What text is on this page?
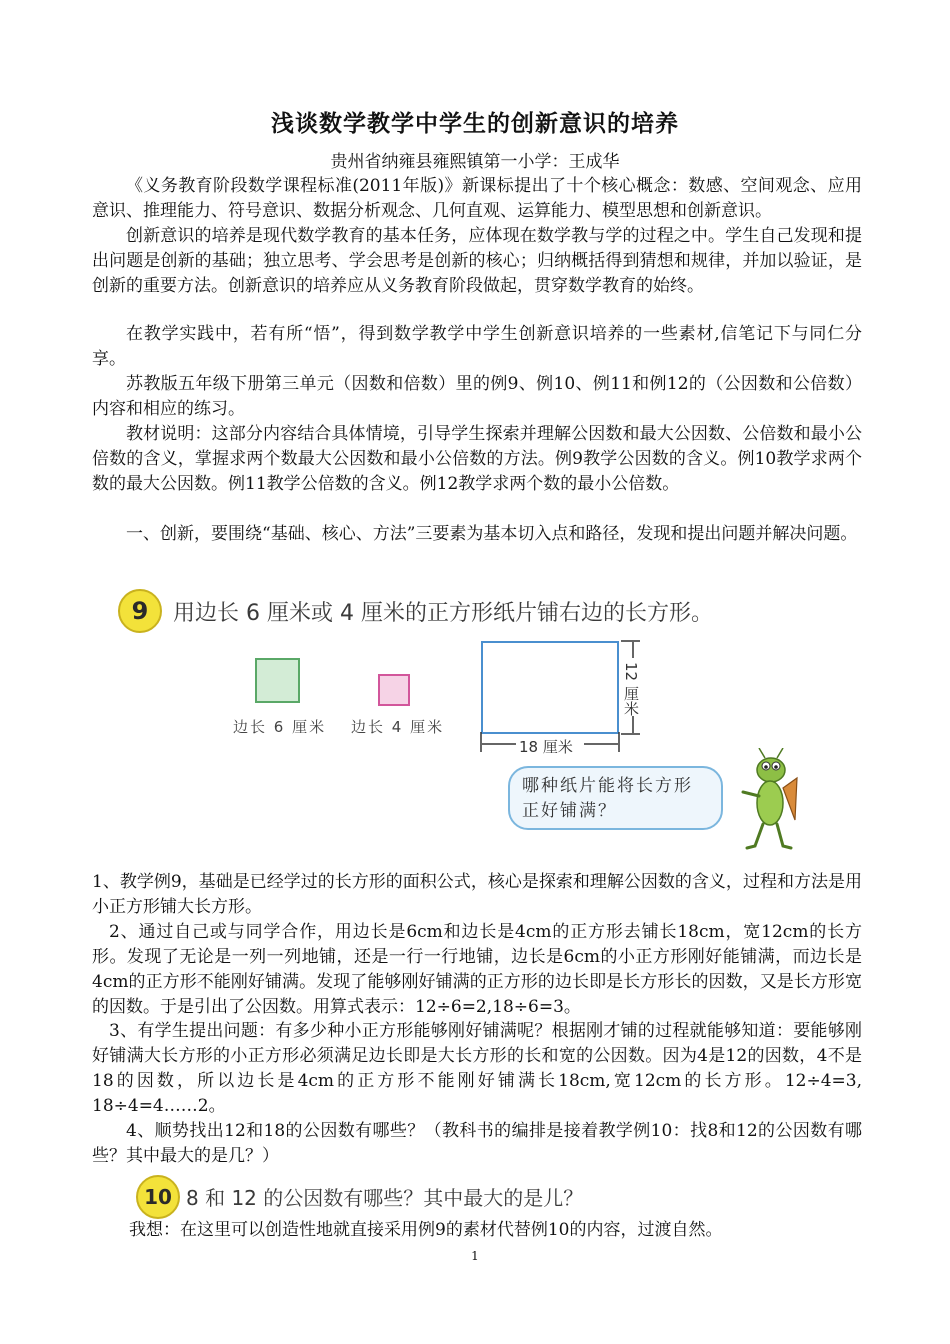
浅谈数学教学中学生的创新意识的培养
贵州省纳雍县雍熙镇第一小学：王成华

《义务教育阶段数学课程标准(2011年版)》新课标提出了十个核心概念：数感、空间观念、应用意识、推理能力、符号意识、数据分析观念、几何直观、运算能力、模型思想和创新意识。

创新意识的培养是现代数学教育的基本任务，应体现在数学教与学的过程之中。学生自己发现和提出问题是创新的基础；独立思考、学会思考是创新的核心；归纳概括得到猜想和规律，并加以验证，是创新的重要方法。创新意识的培养应从义务教育阶段做起，贯穿数学教育的始终。

在教学实践中，若有所“悟”，得到数学教学中学生创新意识培养的一些素材,信笔记下与同仁分享。

苏教版五年级下册第三单元（因数和倍数）里的例9、例10、例11和例12的（公因数和公倍数）内容和相应的练习。

教材说明：这部分内容结合具体情境，引导学生探索并理解公因数和最大公因数、公倍数和最小公倍数的含义，掌握求两个数最大公因数和最小公倍数的方法。例9教学公因数的含义。例10教学求两个数的最大公因数。例11教学公倍数的含义。例12教学求两个数的最小公倍数。

一、创新，要围绕“基础、核心、方法”三要素为基本切入点和路径，发现和提出问题并解决问题。

9	用边长 6 厘米或 4 厘米的正方形纸片铺右边的长方形。
边长 6 厘米 边长 4 厘米
18 厘米
12 厘米
哪种纸片能将长方形正好铺满？

1、教学例9，基础是已经学过的长方形的面积公式，核心是探索和理解公因数的含义，过程和方法是用小正方形铺大长方形。

2、通过自己或与同学合作，用边长是6cm和边长是4cm的正方形去铺长18cm，宽12cm的长方形。发现了无论是一列一列地铺，还是一行一行地铺，边长是6cm的小正方形刚好能铺满，而边长是4cm的正方形不能刚好铺满。发现了能够刚好铺满的正方形的边长即是长方形长的因数，又是长方形宽的因数。于是引出了公因数。用算式表示：12÷6=2,18÷6=3。

3、有学生提出问题：有多少种小正方形能够刚好铺满呢？根据刚才铺的过程就能够知道：要能够刚好铺满大长方形的小正方形必须满足边长即是大长方形的长和宽的公因数。因为4是12的因数，4不是18的因数，所以边长是4cm的正方形不能刚好铺满长18cm,宽12cm的长方形。12÷4=3, 18÷4=4……2。

4、顺势找出12和18的公因数有哪些？（教科书的编排是接着教学例10：找8和12的公因数有哪些？其中最大的是几？）

10 8 和 12 的公因数有哪些？其中最大的是儿？

我想：在这里可以创造性地就直接采用例9的素材代替例10的内容，过渡自然。

1
